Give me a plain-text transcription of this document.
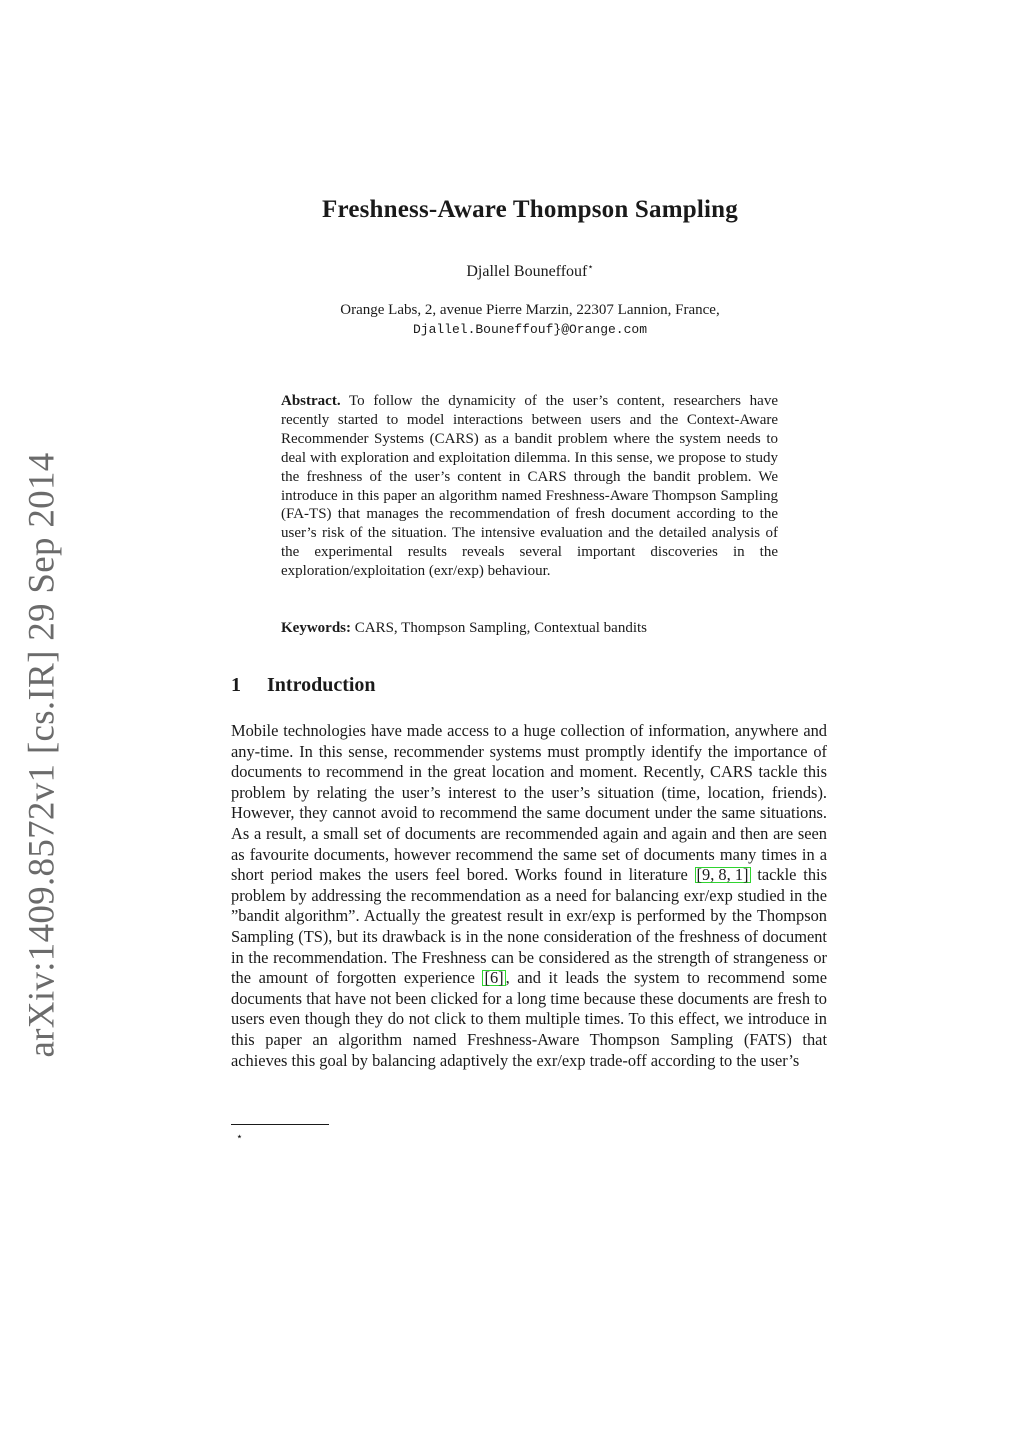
arXiv:1409.8572v1 [cs.IR] 29 Sep 2014
Freshness-Aware Thompson Sampling
Djallel Bouneffouf⋆
Orange Labs, 2, avenue Pierre Marzin, 22307 Lannion, France,
Djallel.Bouneffouf}@Orange.com
Abstract. To follow the dynamicity of the user’s content, researchers have recently started to model interactions between users and the Context-Aware Recommender Systems (CARS) as a bandit problem where the system needs to deal with exploration and exploitation dilemma. In this sense, we propose to study the freshness of the user’s content in CARS through the bandit problem. We introduce in this paper an algorithm named Freshness-Aware Thompson Sampling (FA-TS) that manages the recommendation of fresh document according to the user’s risk of the situation. The intensive evaluation and the detailed analysis of the experimental results reveals several important discoveries in the exploration/exploitation (exr/exp) behaviour.
Keywords: CARS, Thompson Sampling, Contextual bandits
1 Introduction
Mobile technologies have made access to a huge collection of information, anywhere and any-time. In this sense, recommender systems must promptly identify the importance of documents to recommend in the great location and moment. Recently, CARS tackle this problem by relating the user’s interest to the user’s situation (time, location, friends). However, they cannot avoid to recommend the same document under the same situations. As a result, a small set of documents are recommended again and again and then are seen as favourite documents, however recommend the same set of documents many times in a short period makes the users feel bored. Works found in literature [9, 8, 1] tackle this problem by addressing the recommendation as a need for balancing exr/exp studied in the ”bandit algorithm”. Actually the greatest result in exr/exp is performed by the Thompson Sampling (TS), but its drawback is in the none consideration of the freshness of document in the recommendation. The Freshness can be considered as the strength of strangeness or the amount of forgotten experience [6] , and it leads the system to recommend some documents that have not been clicked for a long time because these documents are fresh to users even though they do not click to them multiple times. To this effect, we introduce in this paper an algorithm named Freshness-Aware Thompson Sampling (FATS) that achieves this goal by balancing adaptively the exr/exp trade-off according to the user’s
⋆
